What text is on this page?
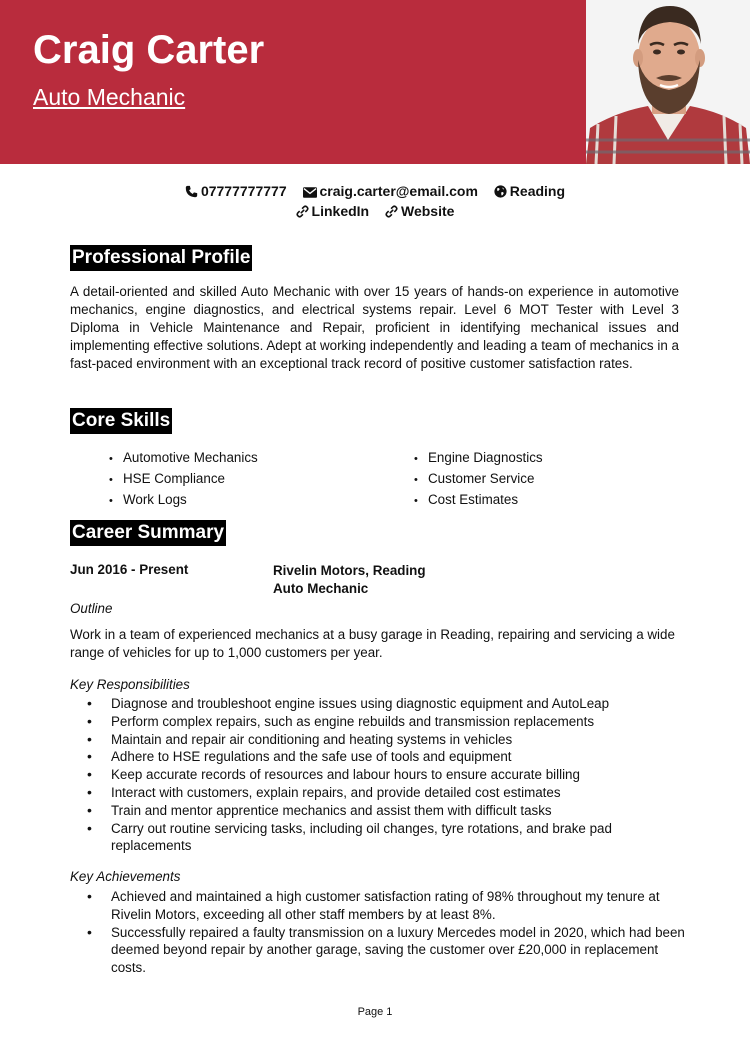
Craig Carter
Auto Mechanic
07777777777 craig.carter@email.com Reading
LinkedIn Website
Professional Profile

A detail-oriented and skilled Auto Mechanic with over 15 years of hands-on experience in automotive mechanics, engine diagnostics, and electrical systems repair. Level 6 MOT Tester with Level 3 Diploma in Vehicle Maintenance and Repair, proficient in identifying mechanical issues and implementing effective solutions. Adept at working independently and leading a team of mechanics in a fast-paced environment with an exceptional track record of positive customer satisfaction rates.

Core Skills
• Automotive Mechanics
• HSE Compliance
• Work Logs
• Engine Diagnostics
• Customer Service
• Cost Estimates
Career Summary
Jun 2016 - Present	Rivelin Motors, Reading
Auto Mechanic
Outline

Work in a team of experienced mechanics at a busy garage in Reading, repairing and servicing a wide range of vehicles for up to 1,000 customers per year.

Key Responsibilities
• Diagnose and troubleshoot engine issues using diagnostic equipment and AutoLeap
• Perform complex repairs, such as engine rebuilds and transmission replacements
• Maintain and repair air conditioning and heating systems in vehicles
• Adhere to HSE regulations and the safe use of tools and equipment
• Keep accurate records of resources and labour hours to ensure accurate billing
• Interact with customers, explain repairs, and provide detailed cost estimates
• Train and mentor apprentice mechanics and assist them with difficult tasks
• Carry out routine servicing tasks, including oil changes, tyre rotations, and brake pad replacements
Key Achievements
• Achieved and maintained a high customer satisfaction rating of 98% throughout my tenure at Rivelin Motors, exceeding all other staff members by at least 8%.
• Successfully repaired a faulty transmission on a luxury Mercedes model in 2020, which had been deemed beyond repair by another garage, saving the customer over £20,000 in replacement costs.
Page 1
